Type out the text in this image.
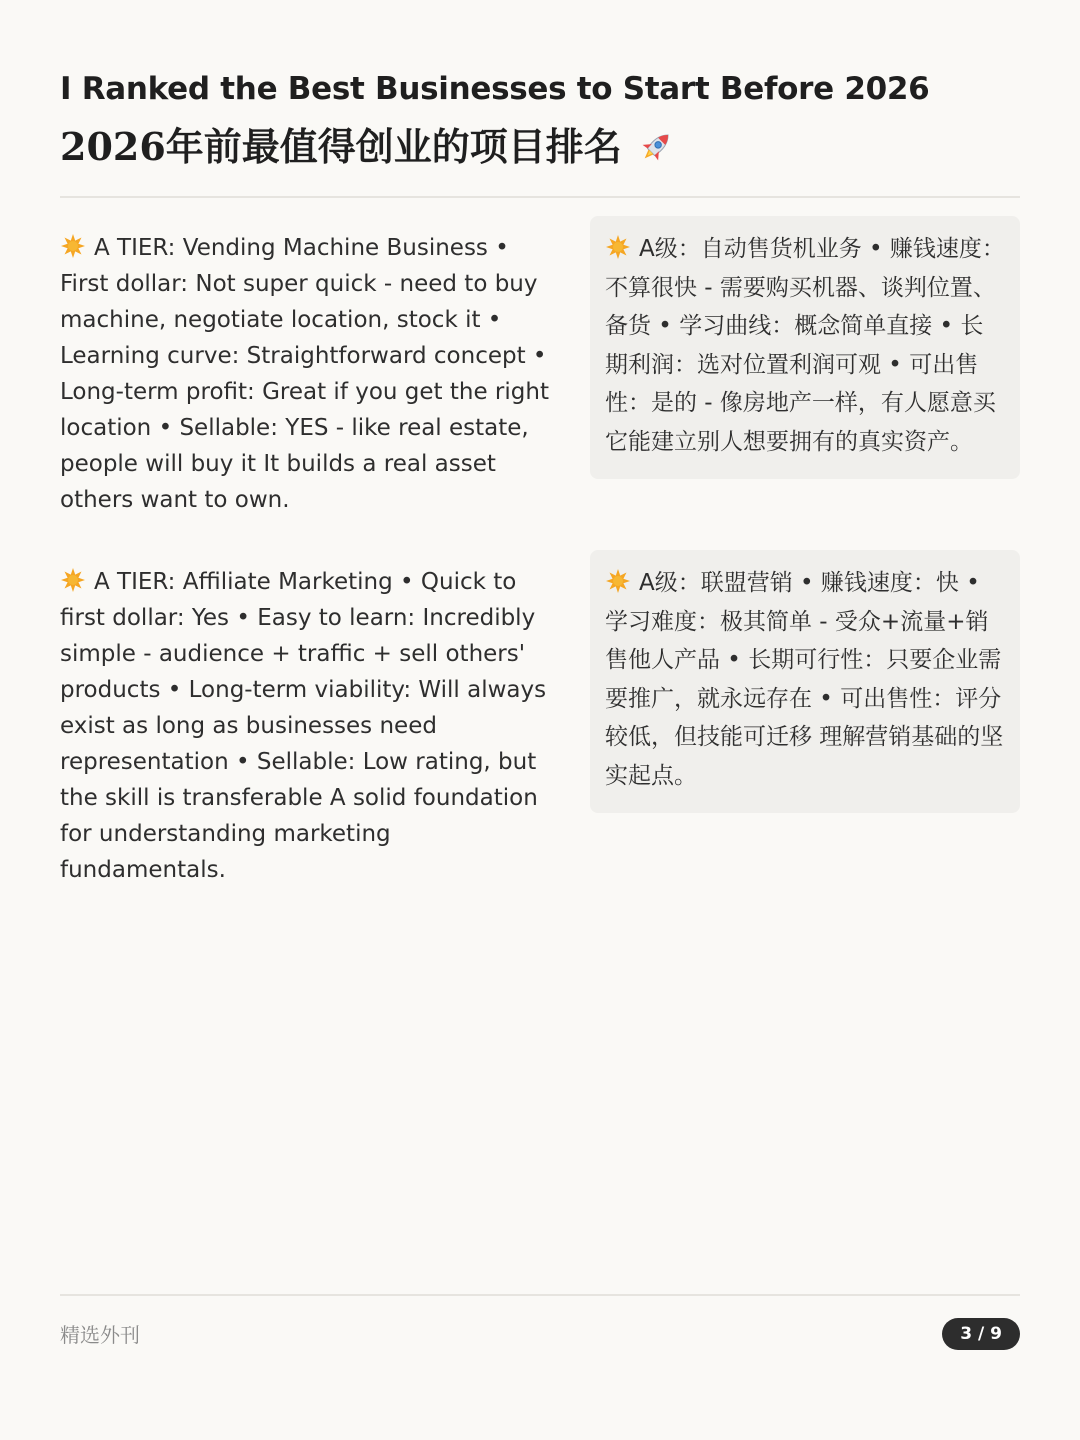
I Ranked the Best Businesses to Start Before 2026
2026年前最值得创业的项目排名
A TIER: Vending Machine Business • First dollar: Not super quick - need to buy machine, negotiate location, stock it • Learning curve: Straightforward concept • Long-term profit: Great if you get the right location • Sellable: YES - like real estate, people will buy it It builds a real asset others want to own.
A级：自动售货机业务 • 赚钱速度：不算很快 - 需要购买机器、谈判位置、备货 • 学习曲线：概念简单直接 • 长期利润：选对位置利润可观 • 可出售性：是的 - 像房地产一样，有人愿意买 它能建立别人想要拥有的真实资产。
A TIER: Affiliate Marketing • Quick to first dollar: Yes • Easy to learn: Incredibly simple - audience + traffic + sell others' products • Long-term viability: Will always exist as long as businesses need representation • Sellable: Low rating, but the skill is transferable A solid foundation for understanding marketing fundamentals.
A级：联盟营销 • 赚钱速度：快 • 学习难度：极其简单 - 受众+流量+销售他人产品 • 长期可行性：只要企业需要推广，就永远存在 • 可出售性：评分较低，但技能可迁移 理解营销基础的坚实起点。
精选外刊	3 / 9
